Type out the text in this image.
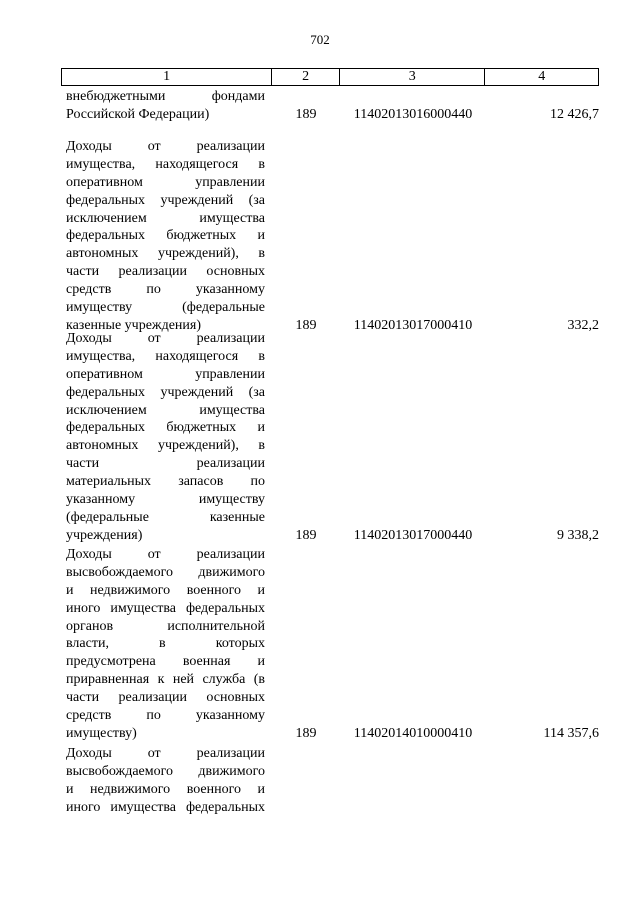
702
1	2	3	4
внебюджетными фондами
Российской Федерации)	189	11402013016000440	12 426,7
Доходы от реализации
имущества, находящегося в
оперативном управлении
федеральных учреждений (за
исключением имущества
федеральных бюджетных и
автономных учреждений), в
части реализации основных
средств по указанному
имуществу (федеральные
казенные учреждения)	189	11402013017000410	332,2
Доходы от реализации
имущества, находящегося в
оперативном управлении
федеральных учреждений (за
исключением имущества
федеральных бюджетных и
автономных учреждений), в
части реализации
материальных запасов по
указанному имуществу
(федеральные казенные
учреждения)	189	11402013017000440	9 338,2
Доходы от реализации
высвобождаемого движимого
и недвижимого военного и
иного имущества федеральных
органов исполнительной
власти, в которых
предусмотрена военная и
приравненная к ней служба (в
части реализации основных
средств по указанному
имуществу)	189	11402014010000410	114 357,6
Доходы от реализации
высвобождаемого движимого
и недвижимого военного и
иного имущества федеральных
